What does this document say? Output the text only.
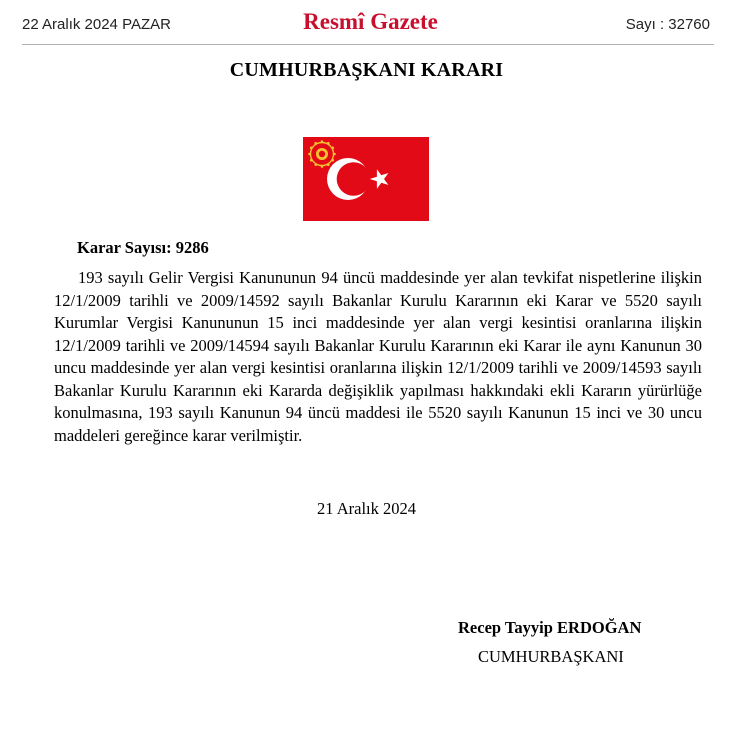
22 Aralık 2024 PAZAR	Resmî Gazete	Sayı : 32760
CUMHURBAŞKANI KARARI
Karar Sayısı: 9286
193 sayılı Gelir Vergisi Kanununun 94 üncü maddesinde yer alan tevkifat nispetlerine ilişkin 12/1/2009 tarihli ve 2009/14592 sayılı Bakanlar Kurulu Kararının eki Karar ve 5520 sayılı Kurumlar Vergisi Kanununun 15 inci maddesinde yer alan vergi kesintisi oranlarına ilişkin 12/1/2009 tarihli ve 2009/14594 sayılı Bakanlar Kurulu Kararının eki Karar ile aynı Kanunun 30 uncu maddesinde yer alan vergi kesintisi oranlarına ilişkin 12/1/2009 tarihli ve 2009/14593 sayılı Bakanlar Kurulu Kararının eki Kararda değişiklik yapılması hakkındaki ekli Kararın yürürlüğe konulmasına, 193 sayılı Kanunun 94 üncü maddesi ile 5520 sayılı Kanunun 15 inci ve 30 uncu maddeleri gereğince karar verilmiştir.
21 Aralık 2024
Recep Tayyip ERDOĞAN
CUMHURBAŞKANI
